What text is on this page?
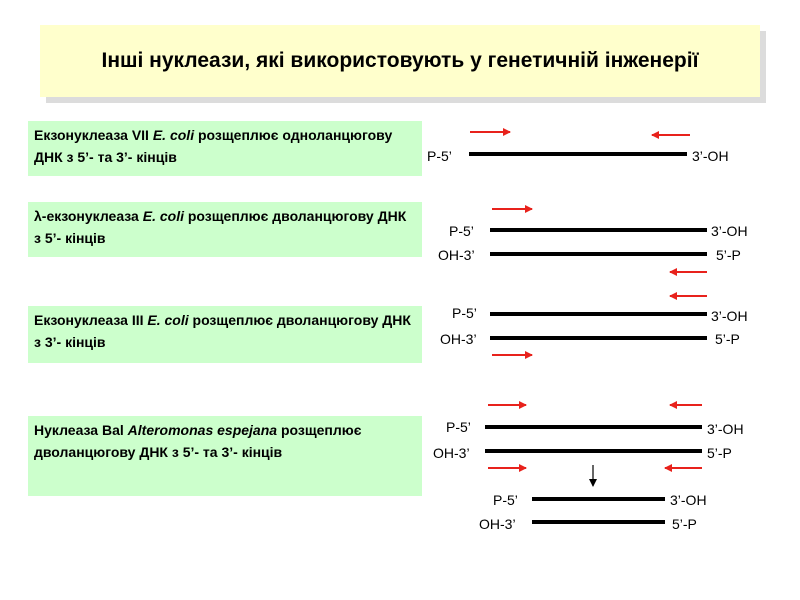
Інші нуклеази, які використовують у генетичній інженерії
Екзонуклеаза VII E. coli розщеплює одноланцюгову ДНК з 5’- та 3’- кінців
λ-екзонуклеаза E. coli розщеплює дволанцюгову ДНК з 5’- кінців
Екзонуклеаза III E. coli розщеплює дволанцюгову ДНК з 3’- кінців
Нуклеаза Bal Alteromonas espejana розщеплює дволанцюгову ДНК з 5’- та 3’- кінців
P-5’	3’-OH
P-5’	3’-OH
OH-3’	5’-P
P-5’	3’-OH
OH-3’	5’-P
P-5’	3’-OH
OH-3’	5’-P
P-5’	3’-OH
OH-3’	5’-P
